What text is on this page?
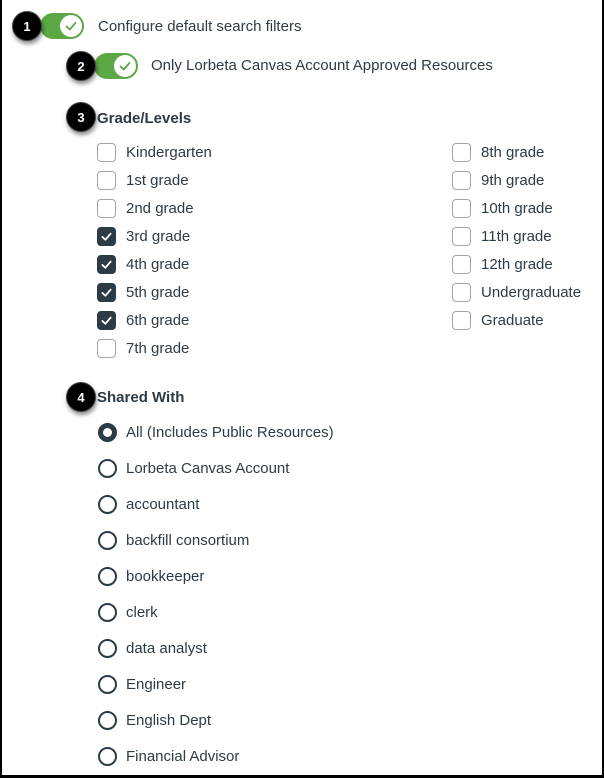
1	Configure default search filters
2	Only Lorbeta Canvas Account Approved Resources
3 Grade/Levels
Kindergarten
1st grade
2nd grade
3rd grade
4th grade
5th grade
6th grade
7th grade
8th grade
9th grade
10th grade
11th grade
12th grade
Undergraduate
Graduate
4 Shared With
All (Includes Public Resources)
Lorbeta Canvas Account
accountant
backfill consortium
bookkeeper
clerk
data analyst
Engineer
English Dept
Financial Advisor
